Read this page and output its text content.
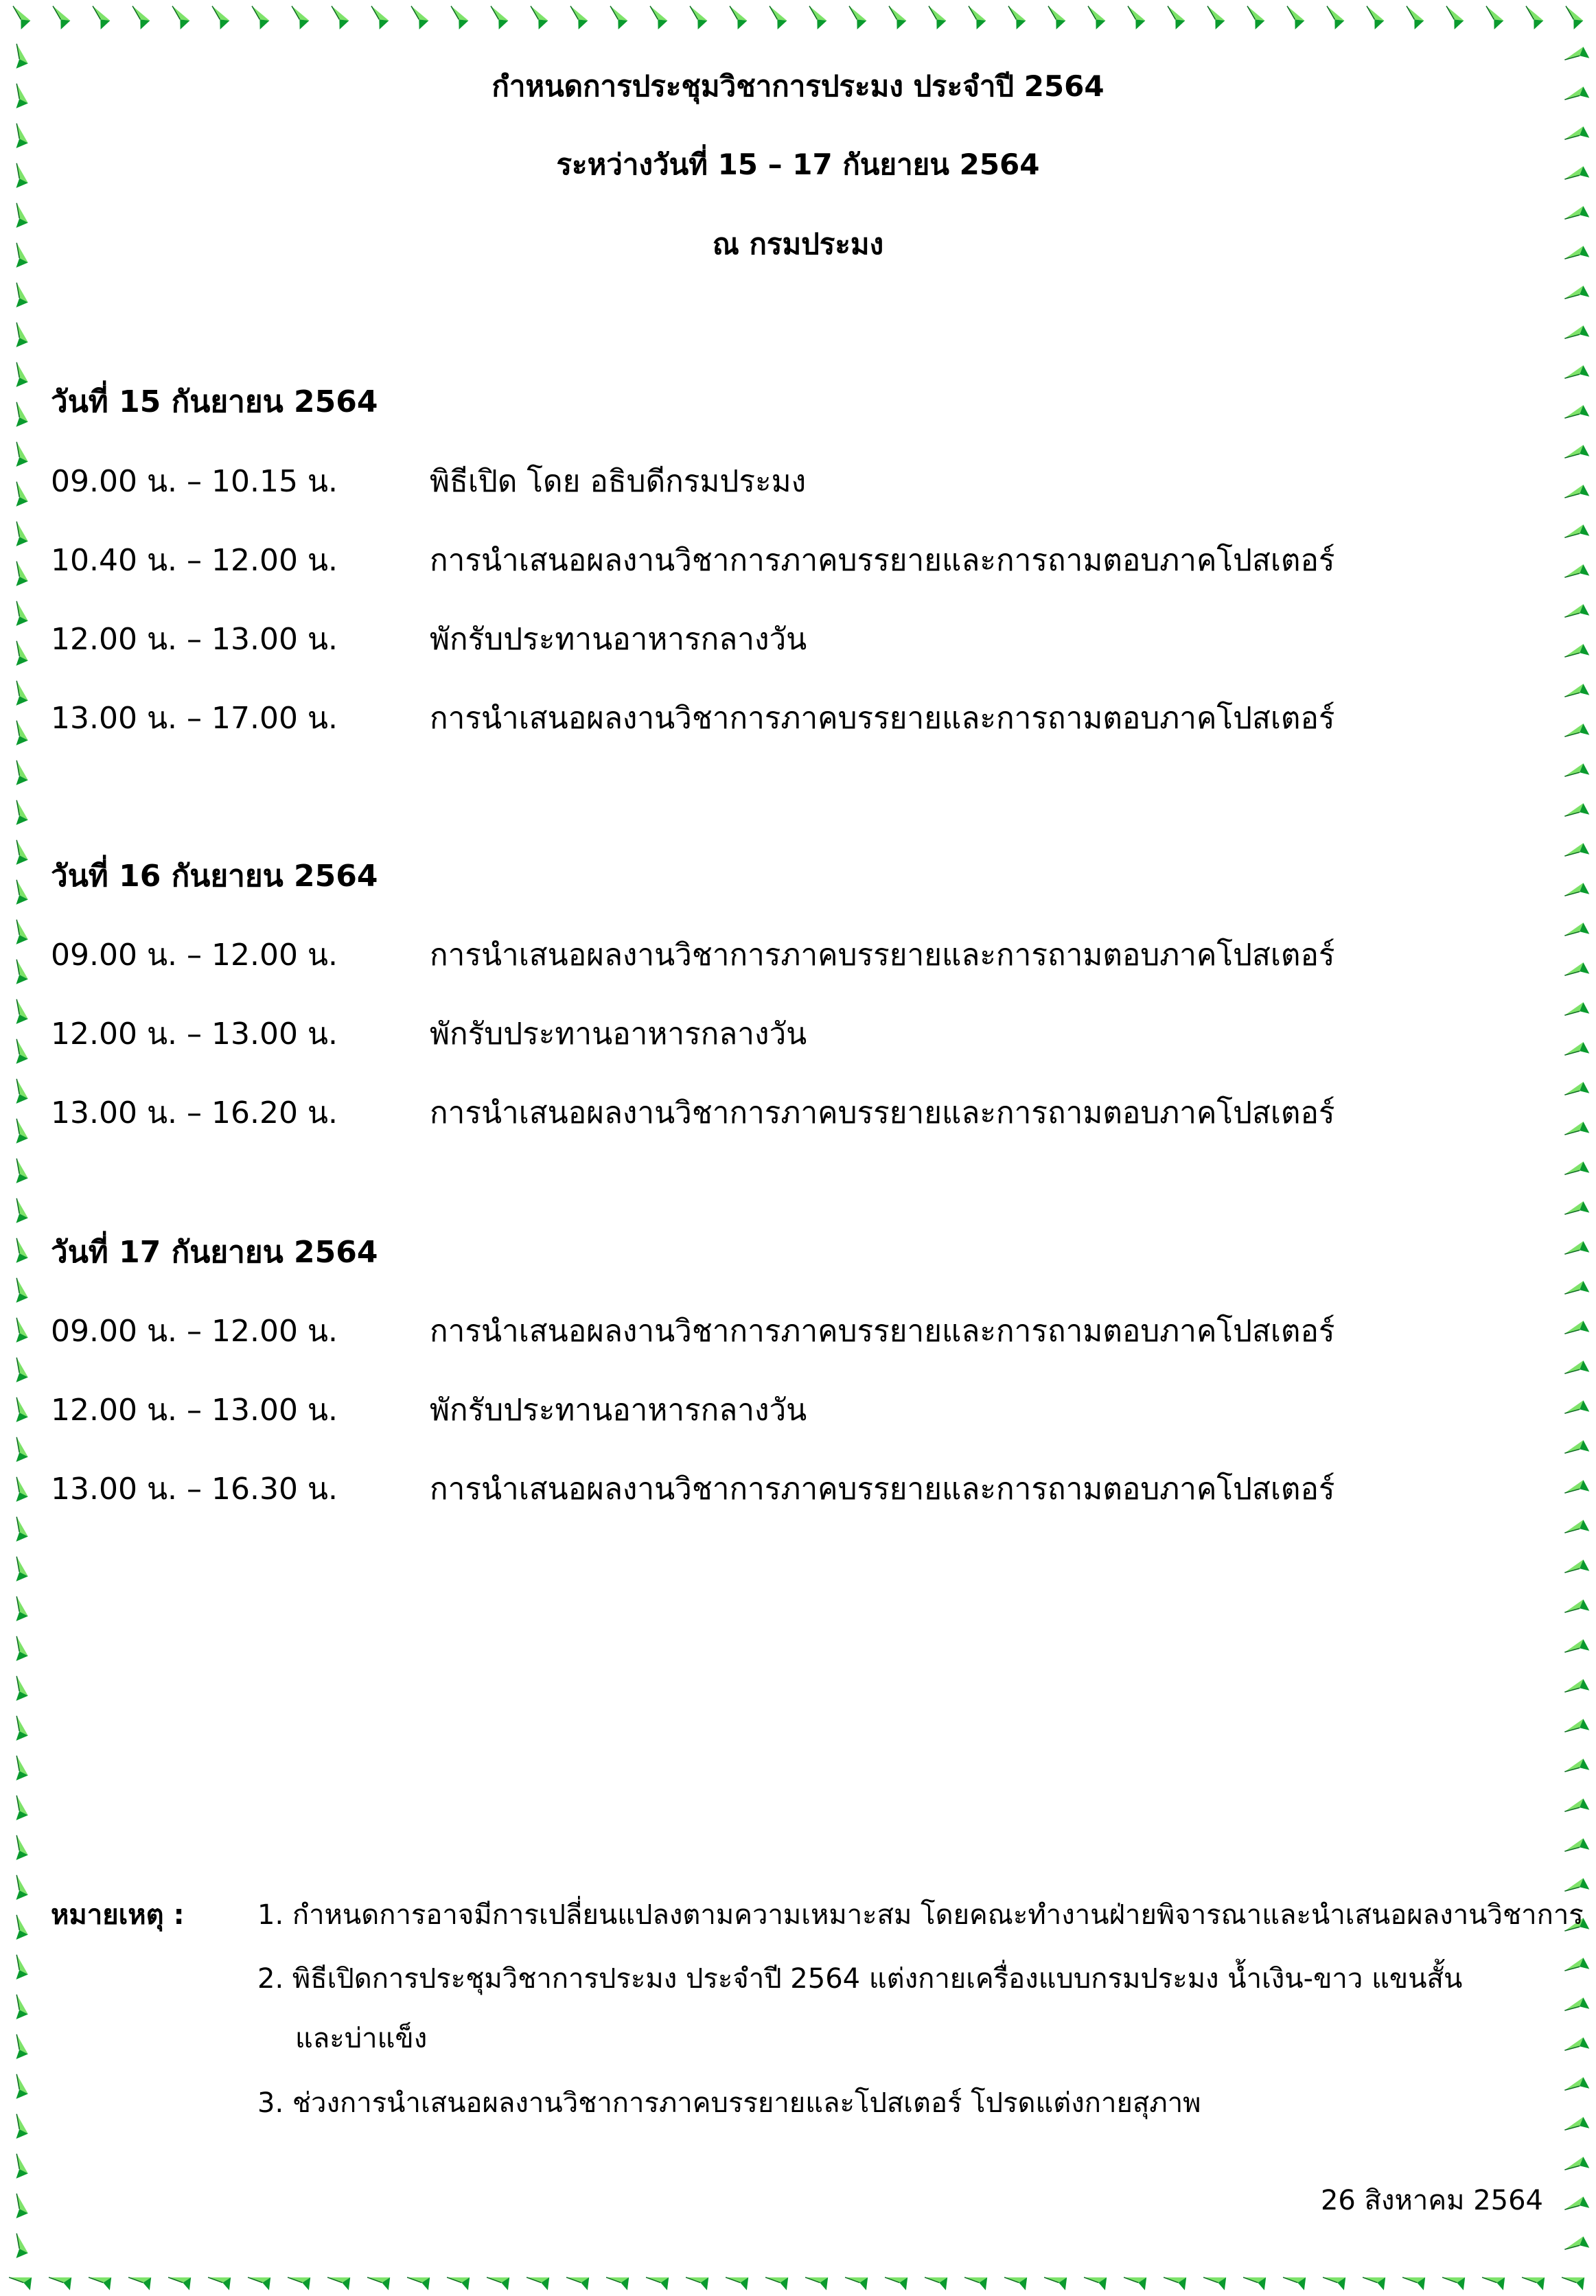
กำหนดการประชุมวิชาการประมง ประจำปี 2564
ระหว่างวันที่ 15 – 17 กันยายน 2564
ณ กรมประมง
วันที่ 15 กันยายน 2564
09.00 น. – 10.15 น.	พิธีเปิด โดย อธิบดีกรมประมง
10.40 น. – 12.00 น.	การนำเสนอผลงานวิชาการภาคบรรยายและการถามตอบภาคโปสเตอร์
12.00 น. – 13.00 น.	พักรับประทานอาหารกลางวัน
13.00 น. – 17.00 น.	การนำเสนอผลงานวิชาการภาคบรรยายและการถามตอบภาคโปสเตอร์
วันที่ 16 กันยายน 2564
09.00 น. – 12.00 น.	การนำเสนอผลงานวิชาการภาคบรรยายและการถามตอบภาคโปสเตอร์
12.00 น. – 13.00 น.	พักรับประทานอาหารกลางวัน
13.00 น. – 16.20 น.	การนำเสนอผลงานวิชาการภาคบรรยายและการถามตอบภาคโปสเตอร์
วันที่ 17 กันยายน 2564
09.00 น. – 12.00 น.	การนำเสนอผลงานวิชาการภาคบรรยายและการถามตอบภาคโปสเตอร์
12.00 น. – 13.00 น.	พักรับประทานอาหารกลางวัน
13.00 น. – 16.30 น.	การนำเสนอผลงานวิชาการภาคบรรยายและการถามตอบภาคโปสเตอร์
หมายเหตุ :	1. กำหนดการอาจมีการเปลี่ยนแปลงตามความเหมาะสม โดยคณะทำงานฝ่ายพิจารณาและนำเสนอผลงานวิชาการ
2. พิธีเปิดการประชุมวิชาการประมง ประจำปี 2564 แต่งกายเครื่องแบบกรมประมง น้ำเงิน-ขาว แขนสั้น
และบ่าแข็ง
3. ช่วงการนำเสนอผลงานวิชาการภาคบรรยายและโปสเตอร์ โปรดแต่งกายสุภาพ
26 สิงหาคม 2564
